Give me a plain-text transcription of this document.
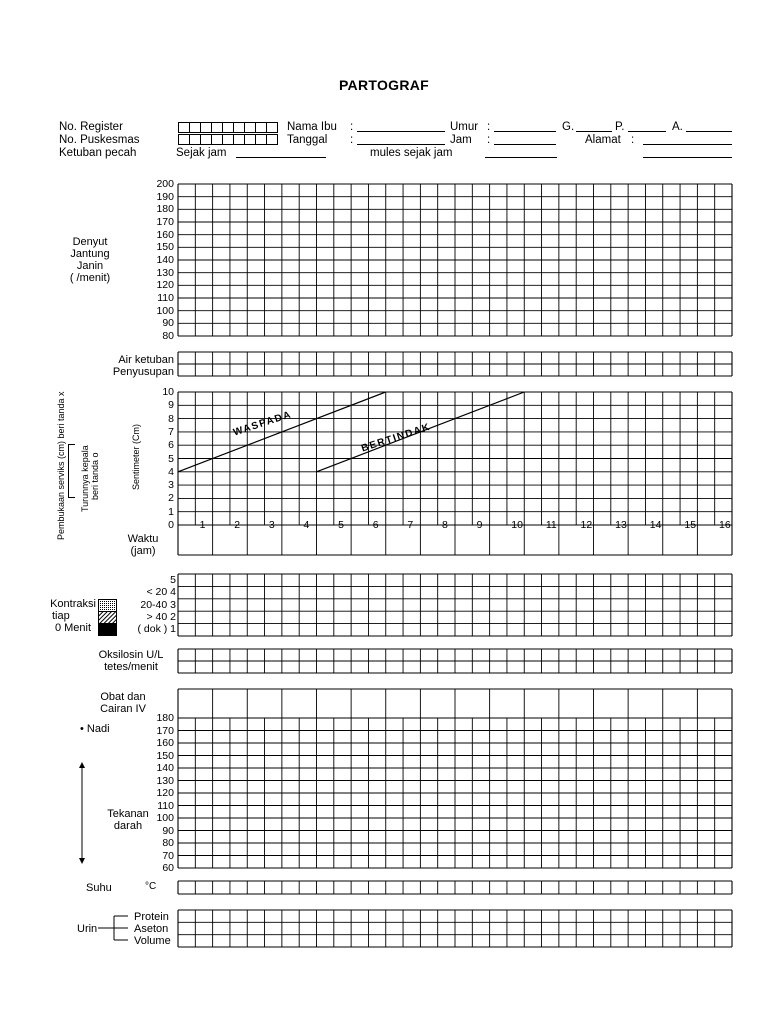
PARTOGRAF
No. Register
No. Puskesmas
Ketuban pecah	Sejak jam
Nama Ibu :
Tanggal :
mules sejak jam
Umur :
Jam :
G.	P.	A.
Alamat :
Denyut
Jantung
Janin
( /menit)
Air ketuban
Penyusupan
Pembukaan serviks (cm) beri tanda x Turunnya kepala beri tanda o	Sentimeter (Cm)
Waktu
(jam)
Kontraksi
tiap
0 Menit
5
< 20 4
20-40 3
> 40 2
( dok ) 1
Oksilosin U/L
tetes/menit
Obat dan
Cairan IV
• Nadi
Tekanan
darah
Suhu	°C
Urin
Protein
Aseton
Volume
200
190
180
170
160
150
140
130
120
110
100
90
80
10
9
8
7
6
5
4
3
2
1
0 1	2	3	4	5	6	7	8	9	10 11 12 13 14 15 16
180
170
160
150
140
130
120
110
100
90
80
70
60
WASPADA	BERTINDAK
